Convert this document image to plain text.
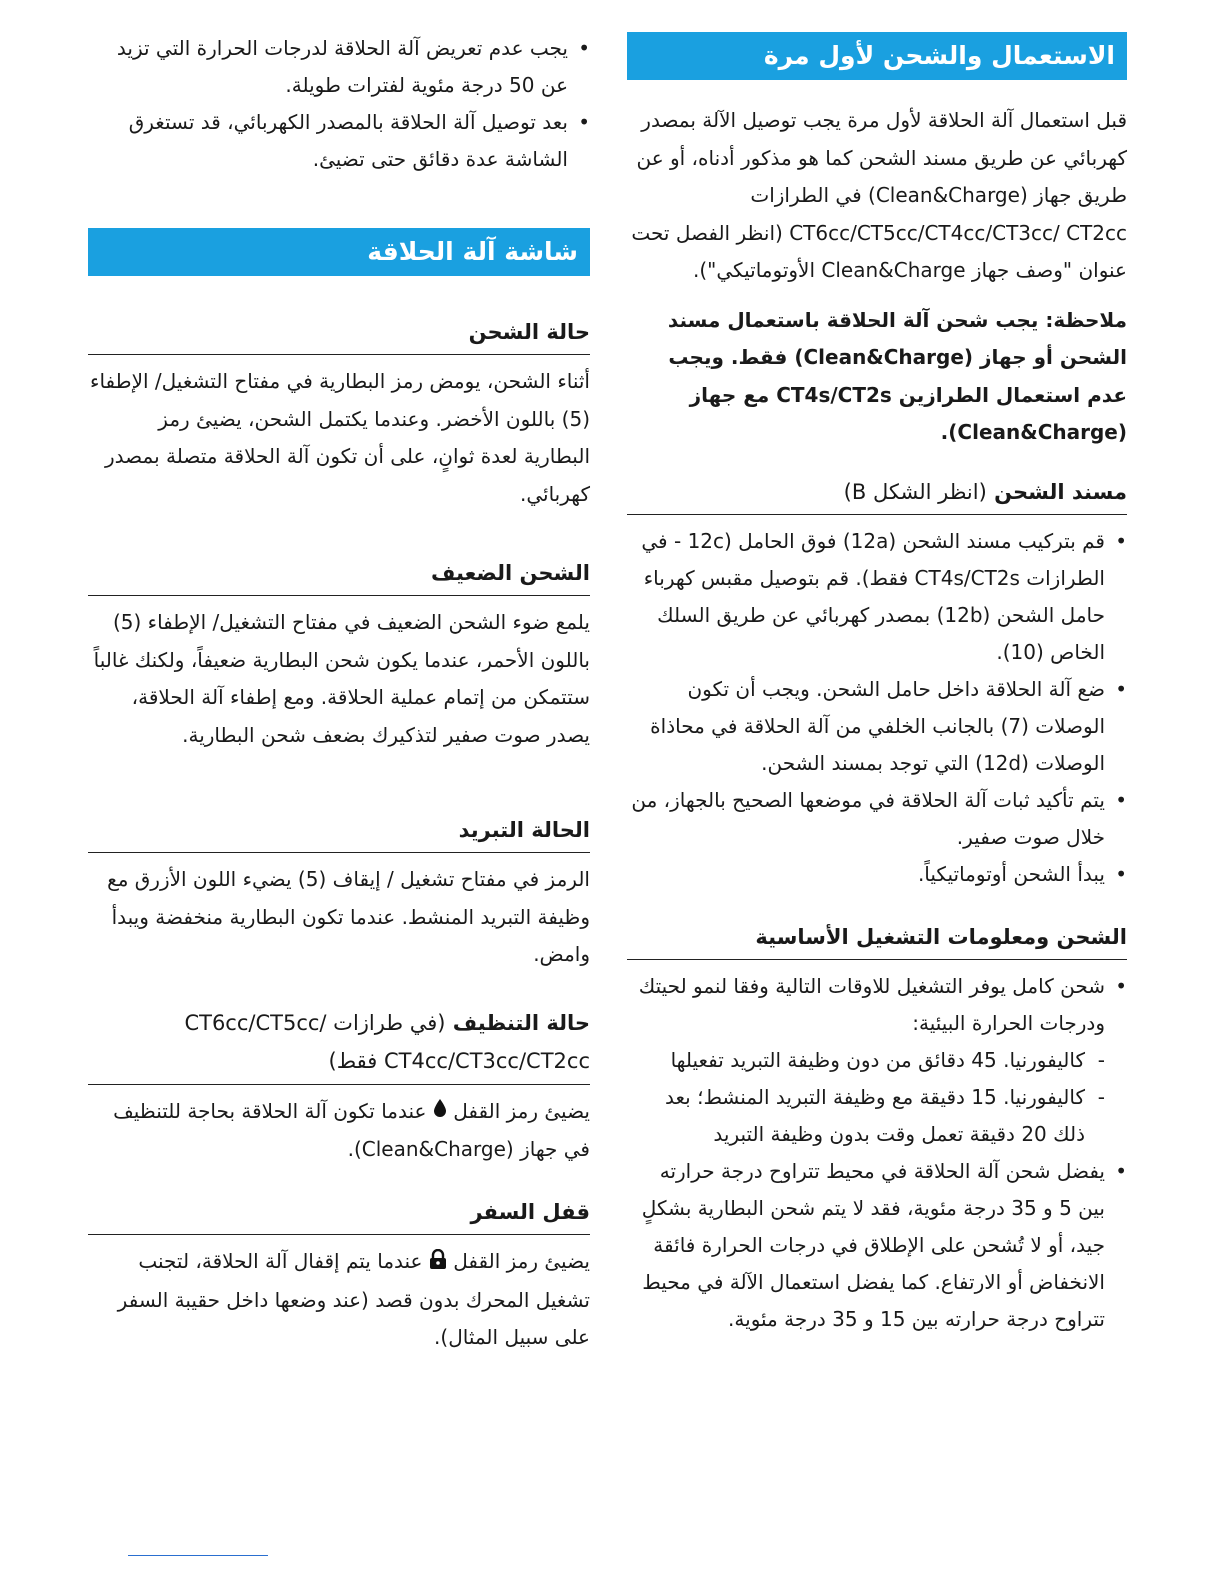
الاستعمال والشحن لأول مرة

قبل استعمال آلة الحلاقة لأول مرة يجب توصيل الآلة بمصدر كهربائي عن طريق مسند الشحن كما هو مذكور أدناه، أو عن طريق جهاز (Clean&Charge) في الطرازات CT6cc/CT5cc/CT4cc/CT3cc/ CT2cc (انظر الفصل تحت عنوان "وصف جهاز Clean&Charge الأوتوماتيكي").

ملاحظة: يجب شحن آلة الحلاقة باستعمال مسند الشحن أو جهاز (Clean&Charge) فقط. ويجب عدم استعمال الطرازين CT4s/CT2s مع جهاز (Clean&Charge).

مسند الشحن (انظر الشكل B)

•
قم بتركيب مسند الشحن (12a) فوق الحامل (12c - في الطرازات CT4s/CT2s فقط). قم بتوصيل مقبس كهرباء حامل الشحن (12b) بمصدر كهربائي عن طريق السلك الخاص (10).
•
ضع آلة الحلاقة داخل حامل الشحن. ويجب أن تكون الوصلات (7) بالجانب الخلفي من آلة الحلاقة في محاذاة الوصلات (12d) التي توجد بمسند الشحن.
•
يتم تأكيد ثبات آلة الحلاقة في موضعها الصحيح بالجهاز، من خلال صوت صفير.
•
يبدأ الشحن أوتوماتيكياً.

الشحن ومعلومات التشغيل الأساسية

•
شحن كامل يوفر التشغيل للاوقات التالية وفقا لنمو لحيتك ودرجات الحرارة البيئية:
-
كاليفورنيا. 45 دقائق من دون وظيفة التبريد تفعيلها
-
كاليفورنيا. 15 دقيقة مع وظيفة التبريد المنشط؛ بعد ذلك 20 دقيقة تعمل وقت بدون وظيفة التبريد
•
يفضل شحن آلة الحلاقة في محيط تتراوح درجة حرارته بين 5 و 35 درجة مئوية، فقد لا يتم شحن البطارية بشكلٍ جيد، أو لا تُشحن على الإطلاق في درجات الحرارة فائقة الانخفاض أو الارتفاع. كما يفضل استعمال الآلة في محيط تتراوح درجة حرارته بين 15 و 35 درجة مئوية.
•
يجب عدم تعريض آلة الحلاقة لدرجات الحرارة التي تزيد عن 50 درجة مئوية لفترات طويلة.
•
بعد توصيل آلة الحلاقة بالمصدر الكهربائي، قد تستغرق الشاشة عدة دقائق حتى تضيئ.
شاشة آلة الحلاقة

حالة الشحن

أثناء الشحن، يومض رمز البطارية في مفتاح التشغيل/ الإطفاء (5) باللون الأخضر. وعندما يكتمل الشحن، يضيئ رمز البطارية لعدة ثوانٍ، على أن تكون آلة الحلاقة متصلة بمصدر كهربائي.

الشحن الضعيف

يلمع ضوء الشحن الضعيف في مفتاح التشغيل/ الإطفاء (5) باللون الأحمر، عندما يكون شحن البطارية ضعيفاً، ولكنك غالباً ستتمكن من إتمام عملية الحلاقة. ومع إطفاء آلة الحلاقة، يصدر صوت صفير لتذكيرك بضعف شحن البطارية.

الحالة التبريد

الرمز في مفتاح تشغيل / إيقاف (5) يضيء اللون الأزرق مع وظيفة التبريد المنشط. عندما تكون البطارية منخفضة ويبدأ وامض.

حالة التنظيف (في طرازات CT6cc/CT5cc/ CT4cc/CT3cc/CT2cc فقط)

يضيئ رمز القفل  عندما تكون آلة الحلاقة بحاجة للتنظيف في جهاز (Clean&Charge).

قفل السفر

يضيئ رمز القفل  عندما يتم إقفال آلة الحلاقة، لتجنب تشغيل المحرك بدون قصد (عند وضعها داخل حقيبة السفر على سبيل المثال).
